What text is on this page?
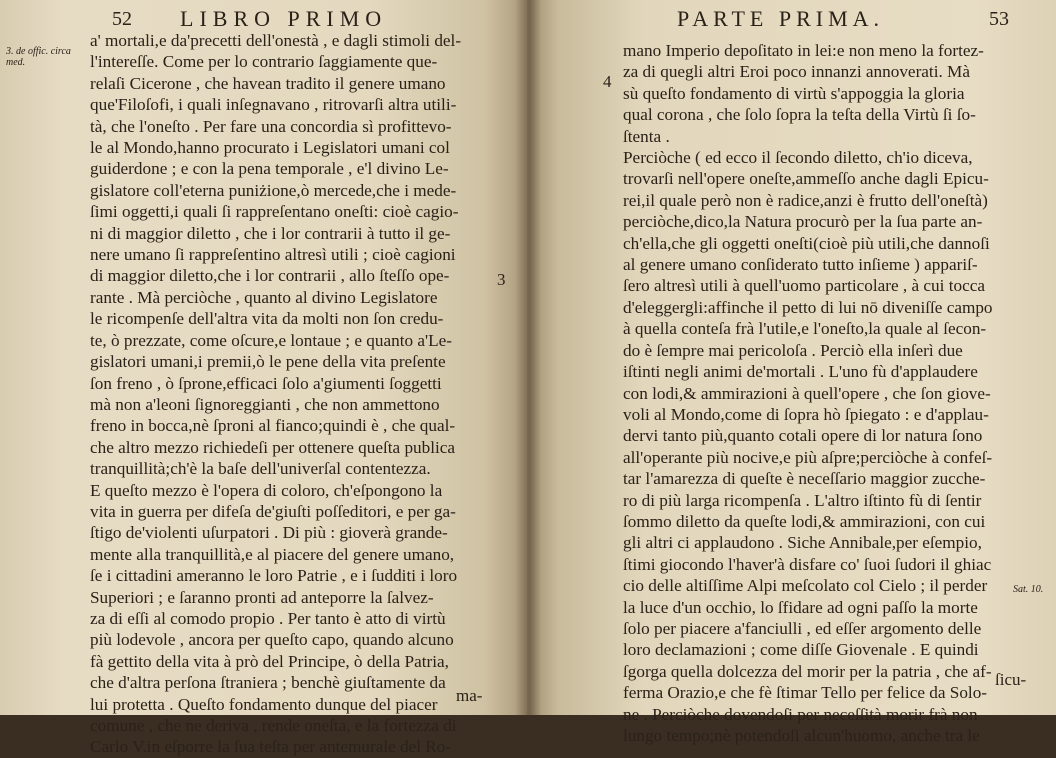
52 LIBRO PRIMO
3. de offic. circa
med.
a' mortali,e da'precetti dell'onestà , e dagli stimoli del-
l'intereſſe. Come per lo contrario ſaggiamente que-
relaſi Cicerone , che havean tradito il genere umano
que'Filoſofi, i quali inſegnavano , ritrovarſi altra utili-
tà, che l'oneſto . Per fare una concordia sì profittevo-
le al Mondo,hanno procurato i Legislatori umani col
guiderdone ; e con la pena temporale , e'l divino Le-
gislatore coll'eterna puniżione,ò mercede,che i mede-
ſimi oggetti,i quali ſi rappreſentano oneſti: cioè cagio-
ni di maggior diletto , che i lor contrarii à tutto il ge-
nere umano ſi rappreſentino altresì utili ; cioè cagioni
di maggior diletto,che i lor contrarii , allo ſteſſo ope-
rante . Mà perciòche , quanto al divino Legislatore
le ricompenſe dell'altra vita da molti non ſon credu-
te, ò prezzate, come oſcure,e lontaue ; e quanto a'Le-
gislatori umani,i premii,ò le pene della vita preſente
ſon freno , ò ſprone,efficaci ſolo a'giumenti ſoggetti
mà non a'leoni ſignoreggianti , che non ammettono
freno in bocca,nè ſproni al fianco;quindi è , che qual-
che altro mezzo richiedeſi per ottenere queſta publica
tranquillità;ch'è la baſe dell'univerſal contentezza.
E queſto mezzo è l'opera di coloro, ch'eſpongono la
vita in guerra per difeſa de'giuſti poſſeditori, e per ga-
ſtigo de'violenti uſurpatori . Di più : gioverà grande-
mente alla tranquillità,e al piacere del genere umano,
ſe i cittadini ameranno le loro Patrie , e i ſudditi i loro
Superiori ; e ſaranno pronti ad anteporre la ſalvez-
za di eſſi al comodo propio . Per tanto è atto di virtù
più lodevole , ancora per queſto capo, quando alcuno
fà gettito della vita à prò del Principe, ò della Patria,
che d'altra perſona ſtraniera ; benchè giuſtamente da
lui protetta . Queſto fondamento dunque del piacer
comune , che ne deriva , rende oneſta, e la fortezza di
Carlo V.in eſporre la ſua teſta per antemurale del Ro-
ma-
PARTE PRIMA.	53
4
3
Sat. 10.
mano Imperio depoſitato in lei:e non meno la fortez-
za di quegli altri Eroi poco innanzi annoverati. Mà
sù queſto fondamento di virtù s'appoggia la gloria
qual corona , che ſolo ſopra la teſta della Virtù ſi ſo-
ſtenta .
Perciòche ( ed ecco il ſecondo diletto, ch'io diceva,
trovarſi nell'opere oneſte,ammeſſo anche dagli Epicu-
rei,il quale però non è radice,anzi è frutto dell'oneſtà)
perciòche,dico,la Natura procurò per la ſua parte an-
ch'ella,che gli oggetti oneſti(cioè più utili,che dannoſi
al genere umano conſiderato tutto inſieme ) appariſ-
ſero altresì utili à quell'uomo particolare , à cui tocca
d'eleggergli:affinche il petto di lui nō diveniſſe campo
à quella conteſa frà l'utile,e l'oneſto,la quale al ſecon-
do è ſempre mai pericoloſa . Perciò ella inſerì due
iſtinti negli animi de'mortali . L'uno fù d'applaudere
con lodi,& ammirazioni à quell'opere , che ſon giove-
voli al Mondo,come di ſopra hò ſpiegato : e d'applau-
dervi tanto più,quanto cotali opere di lor natura ſono
all'operante più nocive,e più aſpre;perciòche à confeſ-
tar l'amarezza di queſte è neceſſario maggior zucche-
ro di più larga ricompenſa . L'altro iſtinto fù di ſentir
ſommo diletto da queſte lodi,& ammirazioni, con cui
gli altri ci applaudono . Siche Annibale,per eſempio,
ſtimi giocondo l'haver'à disfare co' ſuoi ſudori il ghiac
cio delle altiſſime Alpi meſcolato col Cielo ; il perder
la luce d'un occhio, lo ſfidare ad ogni paſſo la morte
ſolo per piacere a'fanciulli , ed eſſer argomento delle
loro declamazioni ; come diſſe Giovenale . E quindi
ſgorga quella dolcezza del morir per la patria , che af-
ferma Orazio,e che fè ſtimar Tello per felice da Solo-
ne . Perciòche dovendoſi per neceſſità morir frà non
lungo tempo;nè potendoſi alcun'huomo, anche tra le
ſicu-
